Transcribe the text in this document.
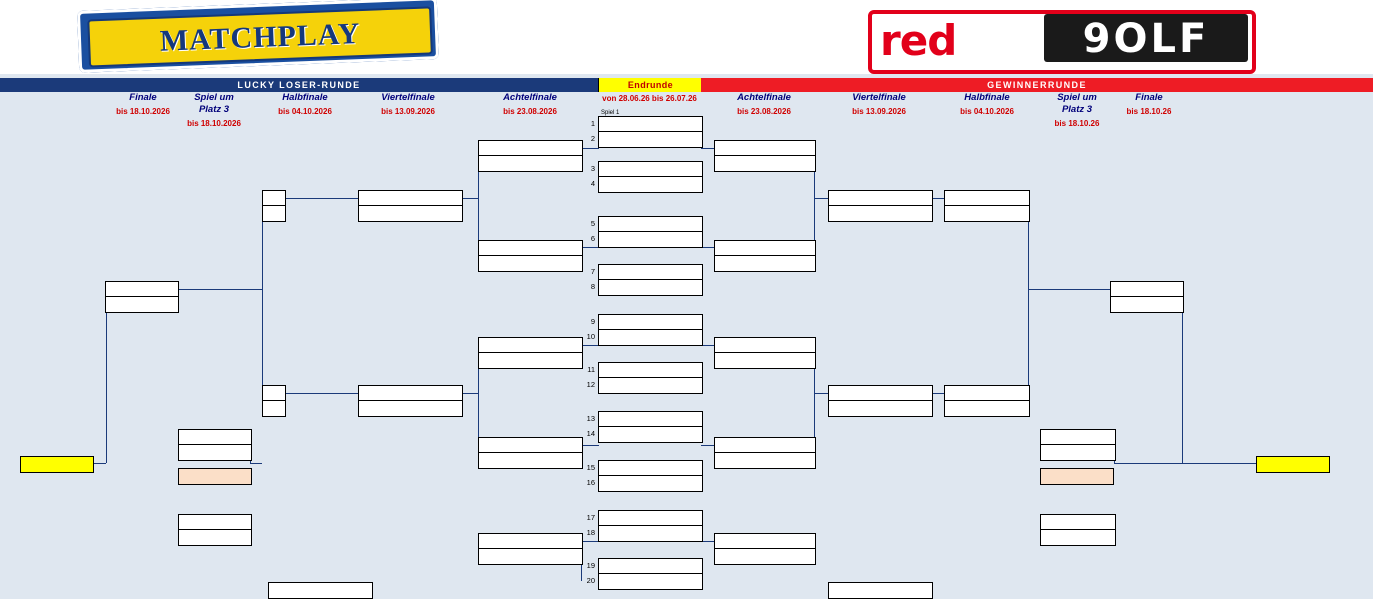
MATCHPLAY	red	9OLF
LUCKY LOSER-RUNDE	Endrunde	GEWINNERRUNDE
von 28.06.26 bis 26.07.26
Spiel 1
Finale
bis 18.10.2026
Spiel um
Platz 3
bis 18.10.2026
Halbfinale
bis 04.10.2026
Viertelfinale
bis 13.09.2026
Achtelfinale
bis 23.08.2026
Achtelfinale
bis 23.08.2026
Viertelfinale
bis 13.09.2026
Halbfinale
bis 04.10.2026
Spiel um
Platz 3
bis 18.10.26
Finale
bis 18.10.26
1
2
3
4
5
6
7
8
9
10
11
12
13
14
15
16
17
18
19
20
